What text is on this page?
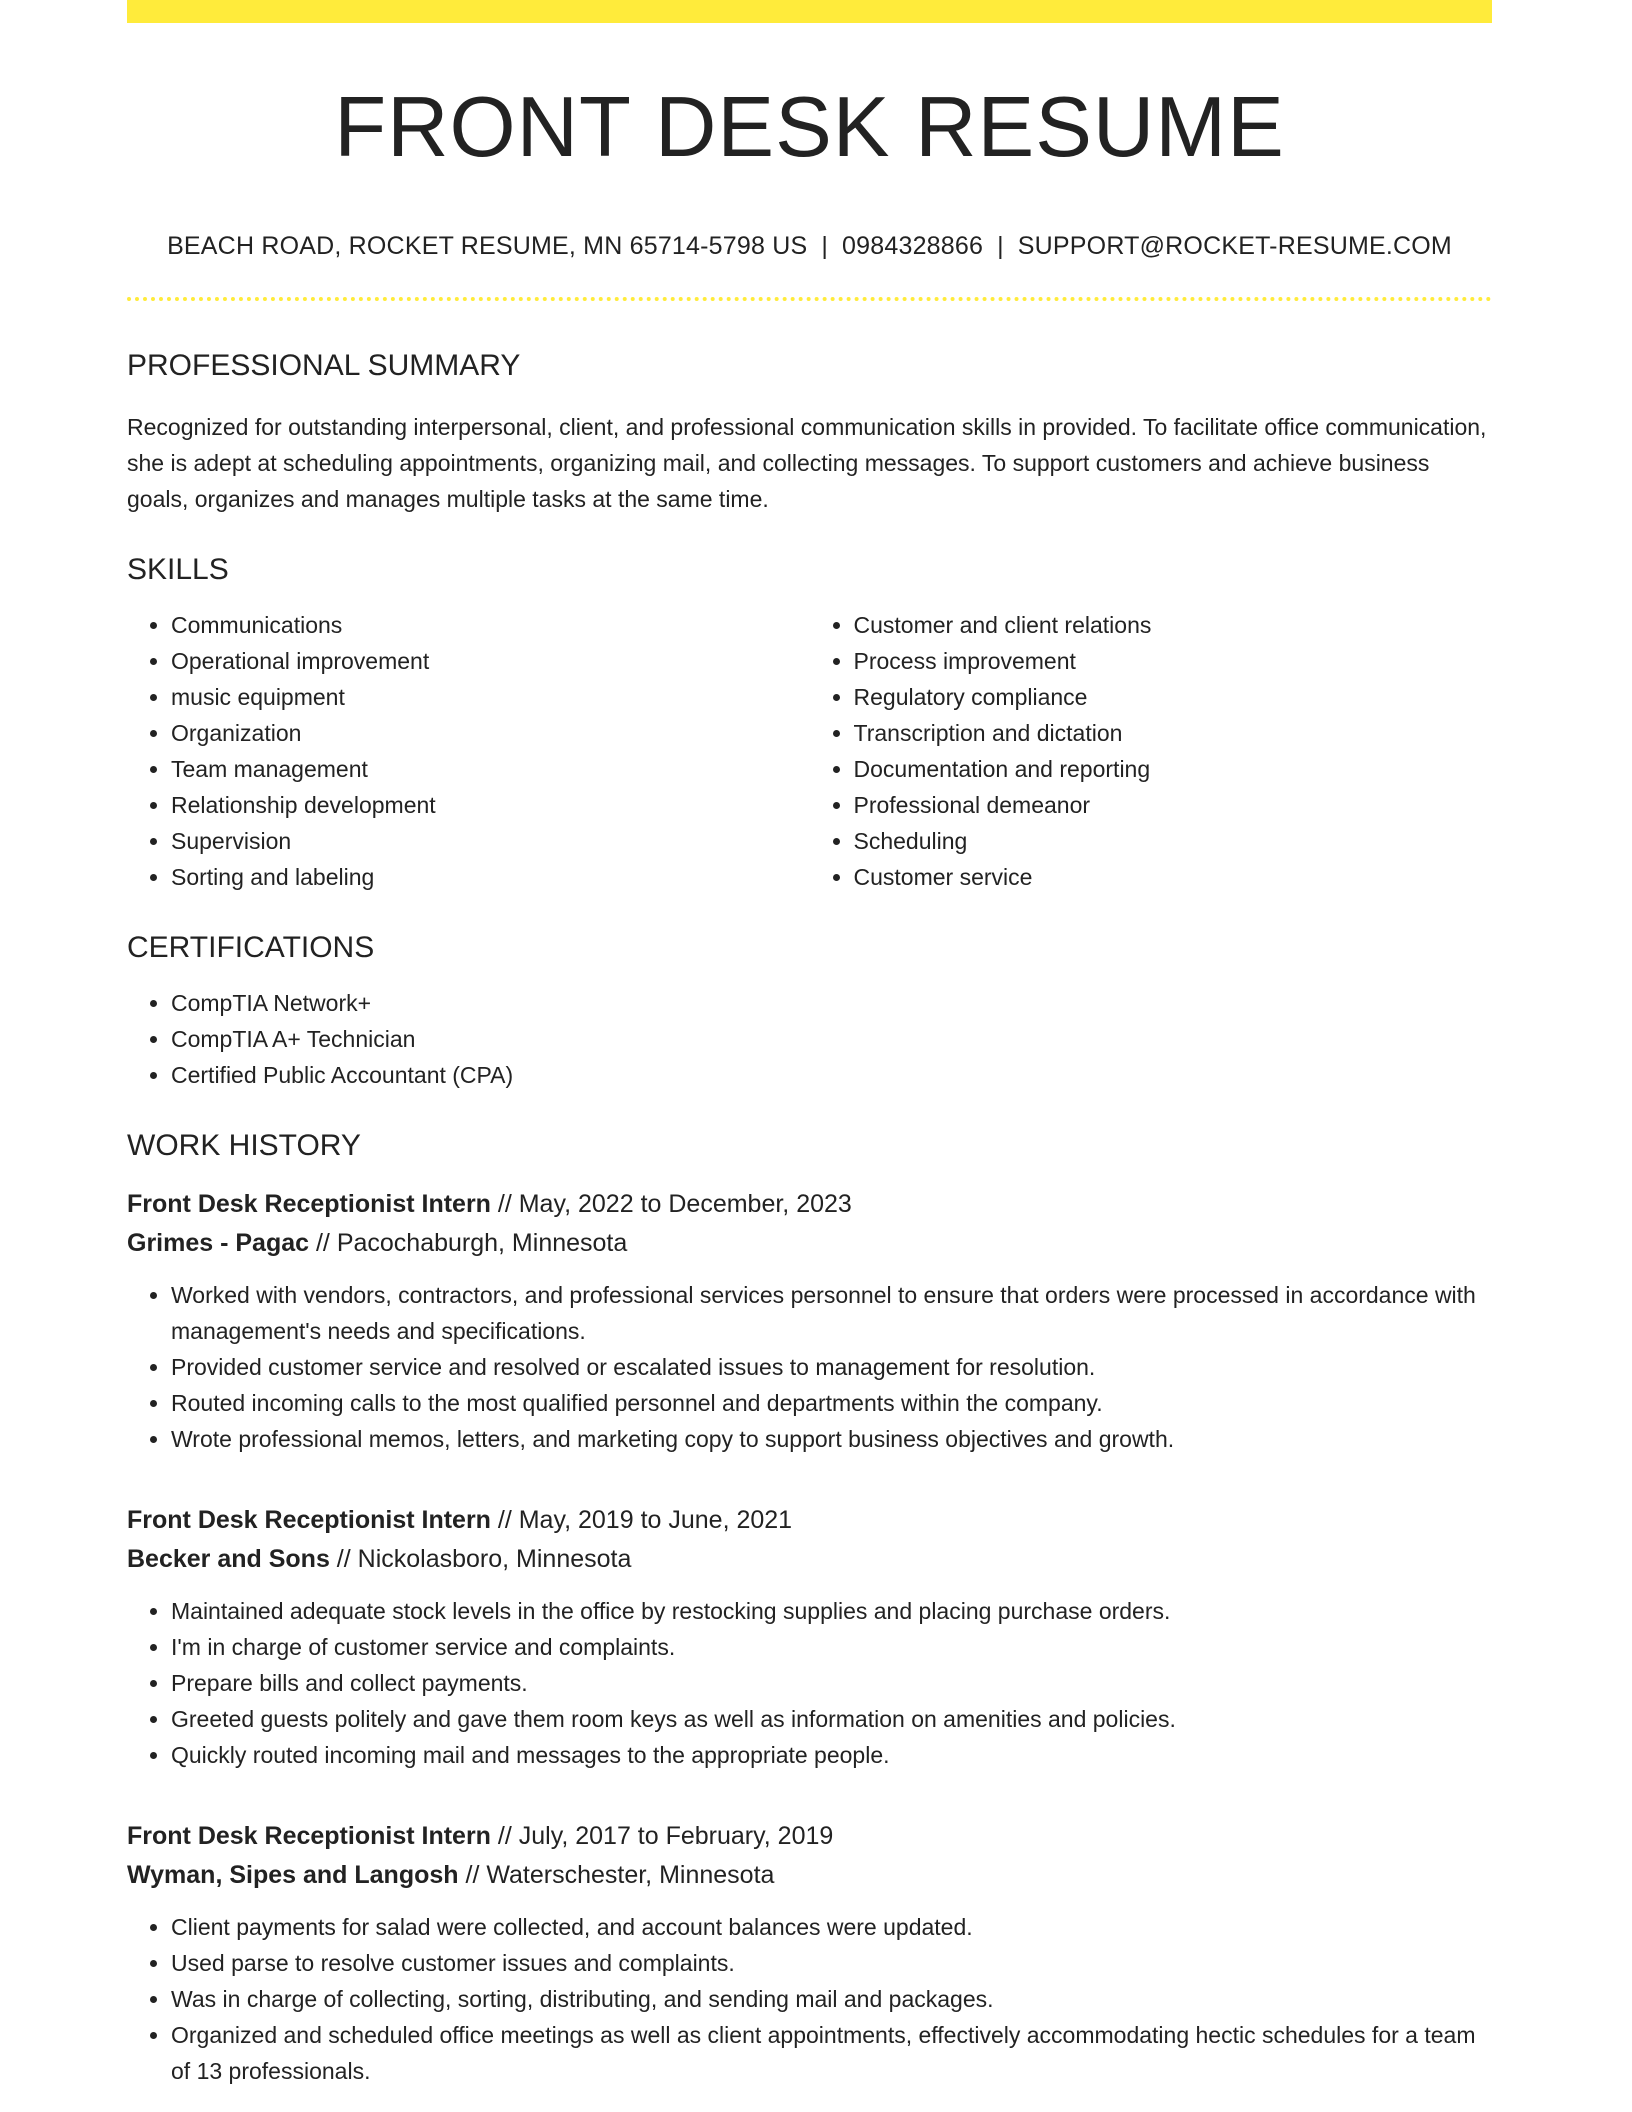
FRONT DESK RESUME
BEACH ROAD, ROCKET RESUME, MN 65714-5798 US | 0984328866 | SUPPORT@ROCKET-RESUME.COM
PROFESSIONAL SUMMARY

Recognized for outstanding interpersonal, client, and professional communication skills in provided. To facilitate office communication, she is adept at scheduling appointments, organizing mail, and collecting messages. To support customers and achieve business goals, organizes and manages multiple tasks at the same time.

SKILLS
• Communications
• Operational improvement
• music equipment
• Organization
• Team management
• Relationship development
• Supervision
• Sorting and labeling
• Customer and client relations
• Process improvement
• Regulatory compliance
• Transcription and dictation
• Documentation and reporting
• Professional demeanor
• Scheduling
• Customer service
CERTIFICATIONS
• CompTIA Network+
• CompTIA A+ Technician
• Certified Public Accountant (CPA)
WORK HISTORY
Front Desk Receptionist Intern // May, 2022 to December, 2023
Grimes - Pagac // Pacochaburgh, Minnesota
• Worked with vendors, contractors, and professional services personnel to ensure that orders were processed in accordance with management's needs and specifications.
• Provided customer service and resolved or escalated issues to management for resolution.
• Routed incoming calls to the most qualified personnel and departments within the company.
• Wrote professional memos, letters, and marketing copy to support business objectives and growth.
Front Desk Receptionist Intern // May, 2019 to June, 2021
Becker and Sons // Nickolasboro, Minnesota
• Maintained adequate stock levels in the office by restocking supplies and placing purchase orders.
• I'm in charge of customer service and complaints.
• Prepare bills and collect payments.
• Greeted guests politely and gave them room keys as well as information on amenities and policies.
• Quickly routed incoming mail and messages to the appropriate people.
Front Desk Receptionist Intern // July, 2017 to February, 2019
Wyman, Sipes and Langosh // Waterschester, Minnesota
• Client payments for salad were collected, and account balances were updated.
• Used parse to resolve customer issues and complaints.
• Was in charge of collecting, sorting, distributing, and sending mail and packages.
• Organized and scheduled office meetings as well as client appointments, effectively accommodating hectic schedules for a team of 13 professionals.
